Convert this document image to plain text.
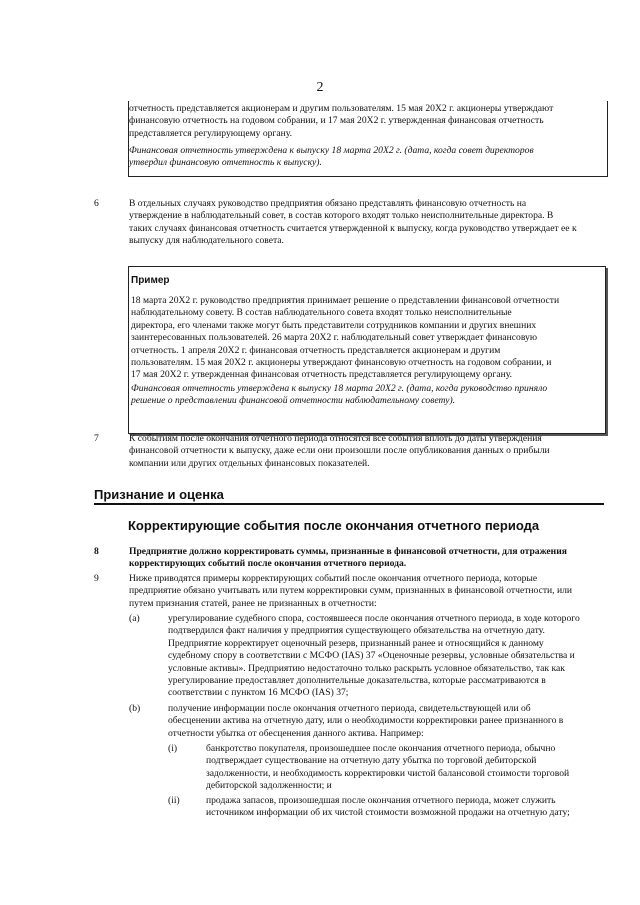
2
отчетность представляется акционерам и другим пользователям. 15 мая 20X2 г. акционеры утверждают
финансовую отчетность на годовом собрании, и 17 мая 20X2 г. утвержденная финансовая отчетность
представляется регулирующему органу.
Финансовая отчетность утверждена к выпуску 18 марта 20X2 г. (дата, когда совет директоров
утвердил финансовую отчетность к выпуску).
6	В отдельных случаях руководство предприятия обязано представлять финансовую отчетность на
утверждение в наблюдательный совет, в состав которого входят только неисполнительные директора. В
таких случаях финансовая отчетность считается утвержденной к выпуску, когда руководство утверждает ее к
выпуску для наблюдательного совета.
Пример
18 марта 20X2 г. руководство предприятия принимает решение о представлении финансовой отчетности
наблюдательному совету. В состав наблюдательного совета входят только неисполнительные
директора, его членами также могут быть представители сотрудников компании и других внешних
заинтересованных пользователей. 26 марта 20X2 г. наблюдательный совет утверждает финансовую
отчетность. 1 апреля 20X2 г. финансовая отчетность представляется акционерам и другим
пользователям. 15 мая 20X2 г. акционеры утверждают финансовую отчетность на годовом собрании, и
17 мая 20X2 г. утвержденная финансовая отчетность представляется регулирующему органу.
Финансовая отчетность утверждена к выпуску 18 марта 20X2 г. (дата, когда руководство приняло
решение о представлении финансовой отчетности наблюдательному совету).
7	К событиям после окончания отчетного периода относятся все события вплоть до даты утверждения
финансовой отчетности к выпуску, даже если они произошли после опубликования данных о прибыли
компании или других отдельных финансовых показателей.
Признание и оценка
Корректирующие события после окончания отчетного периода
8	Предприятие должно корректировать суммы, признанные в финансовой отчетности, для отражения
корректирующих событий после окончания отчетного периода.
9	Ниже приводятся примеры корректирующих событий после окончания отчетного периода, которые
предприятие обязано учитывать или путем корректировки сумм, признанных в финансовой отчетности, или
путем признания статей, ранее не признанных в отчетности:
(a)	урегулирование судебного спора, состоявшееся после окончания отчетного периода, в ходе которого
подтвердился факт наличия у предприятия существующего обязательства на отчетную дату.
Предприятие корректирует оценочный резерв, признанный ранее и относящийся к данному
судебному спору в соответствии с МСФО (IAS) 37 «Оценочные резервы, условные обязательства и
условные активы». Предприятию недостаточно только раскрыть условное обязательство, так как
урегулирование предоставляет дополнительные доказательства, которые рассматриваются в
соответствии с пунктом 16 МСФО (IAS) 37;
(b)	получение информации после окончания отчетного периода, свидетельствующей или об
обесценении актива на отчетную дату, или о необходимости корректировки ранее признанного в
отчетности убытка от обесценения данного актива. Например:
(i)	банкротство покупателя, произошедшее после окончания отчетного периода, обычно
подтверждает существование на отчетную дату убытка по торговой дебиторской
задолженности, и необходимость корректировки чистой балансовой стоимости торговой
дебиторской задолженности; и
(ii)	продажа запасов, произошедшая после окончания отчетного периода, может служить
источником информации об их чистой стоимости возможной продажи на отчетную дату;
